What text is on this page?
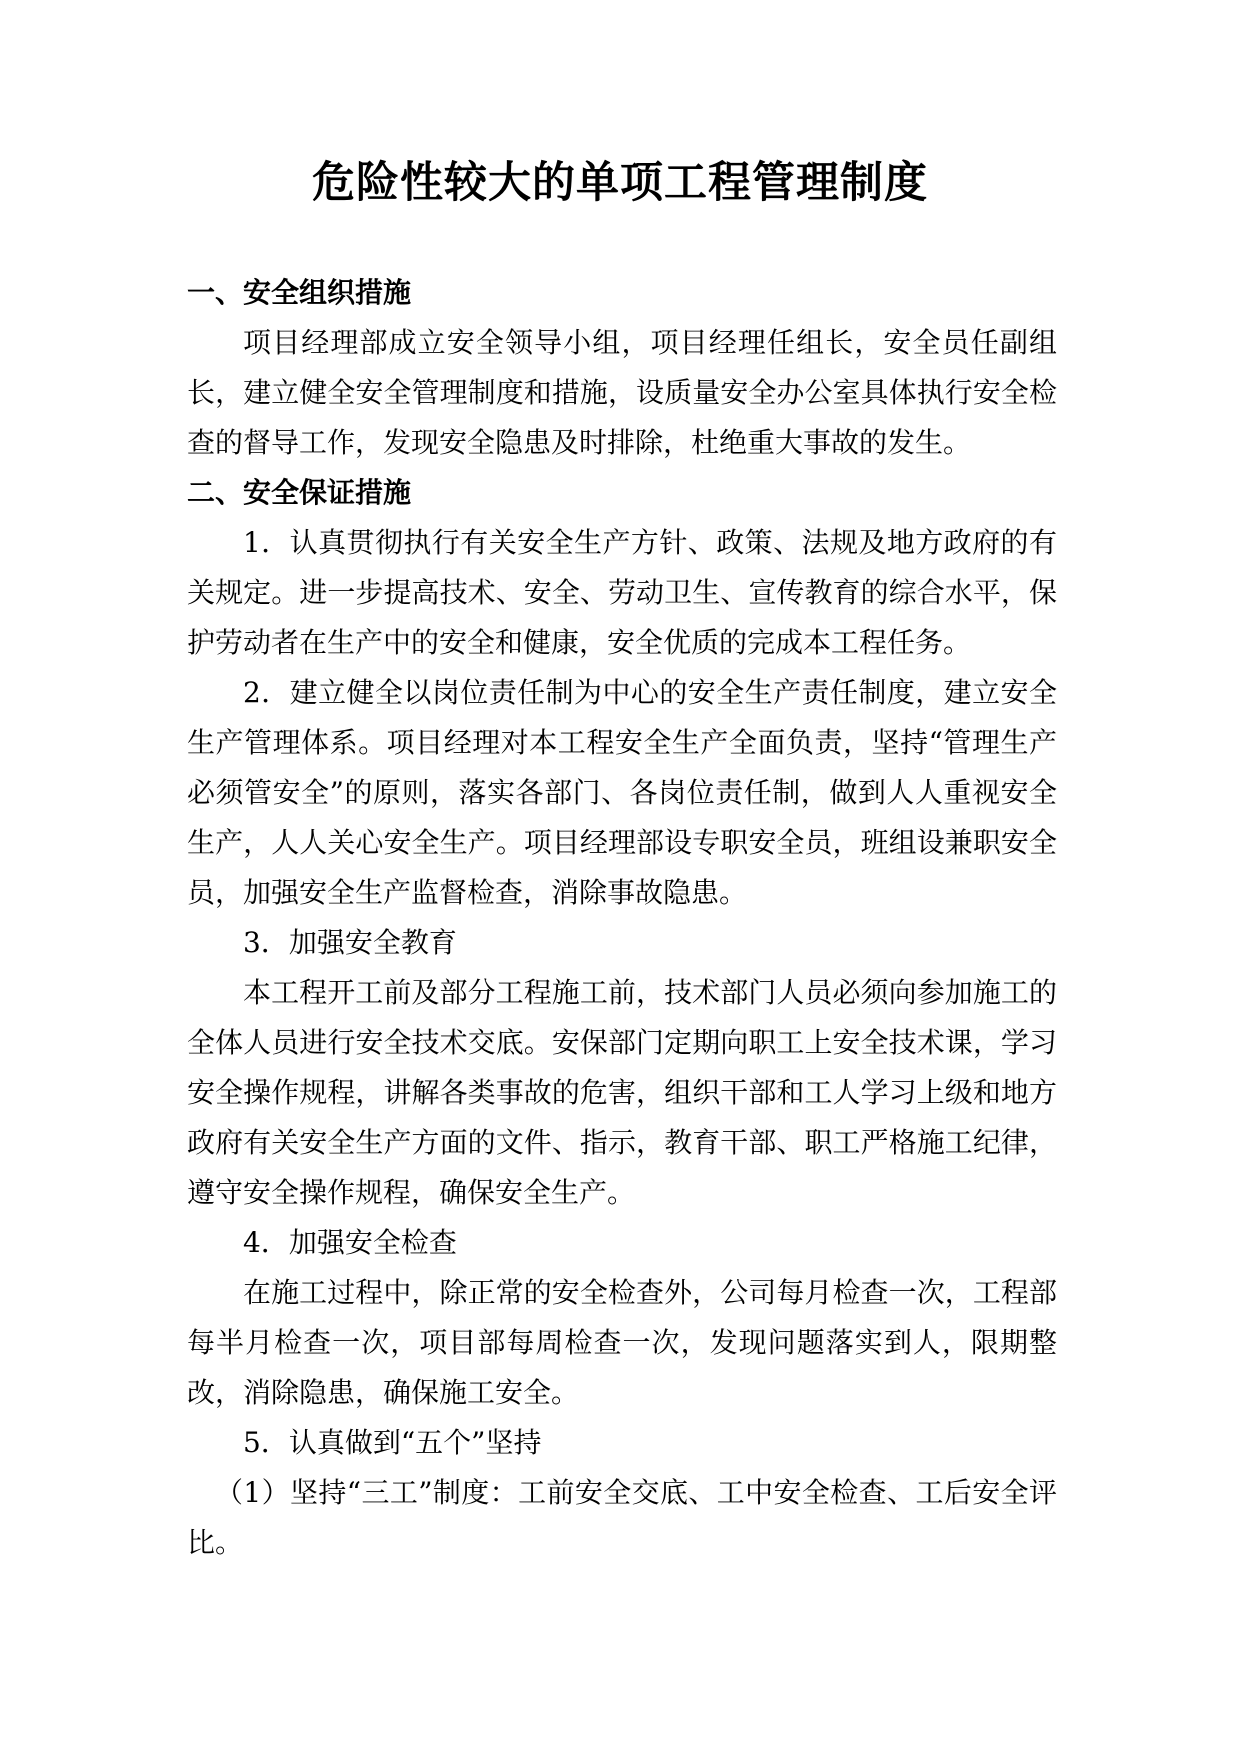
危险性较大的单项工程管理制度

一、安全组织措施

项目经理部成立安全领导小组，项目经理任组长，安全员任副组长，建立健全安全管理制度和措施，设质量安全办公室具体执行安全检查的督导工作，发现安全隐患及时排除，杜绝重大事故的发生。

二、安全保证措施

1．认真贯彻执行有关安全生产方针、政策、法规及地方政府的有关规定。进一步提高技术、安全、劳动卫生、宣传教育的综合水平，保护劳动者在生产中的安全和健康，安全优质的完成本工程任务。

2．建立健全以岗位责任制为中心的安全生产责任制度，建立安全生产管理体系。项目经理对本工程安全生产全面负责，坚持“管理生产必须管安全”的原则，落实各部门、各岗位责任制，做到人人重视安全生产，人人关心安全生产。项目经理部设专职安全员，班组设兼职安全员，加强安全生产监督检查，消除事故隐患。

3．加强安全教育

本工程开工前及部分工程施工前，技术部门人员必须向参加施工的全体人员进行安全技术交底。安保部门定期向职工上安全技术课，学习安全操作规程，讲解各类事故的危害，组织干部和工人学习上级和地方政府有关安全生产方面的文件、指示，教育干部、职工严格施工纪律，遵守安全操作规程，确保安全生产。

4．加强安全检查

在施工过程中，除正常的安全检查外，公司每月检查一次，工程部每半月检查一次，项目部每周检查一次，发现问题落实到人，限期整改，消除隐患，确保施工安全。

5．认真做到“五个”坚持

（1）坚持“三工”制度：工前安全交底、工中安全检查、工后安全评比。
